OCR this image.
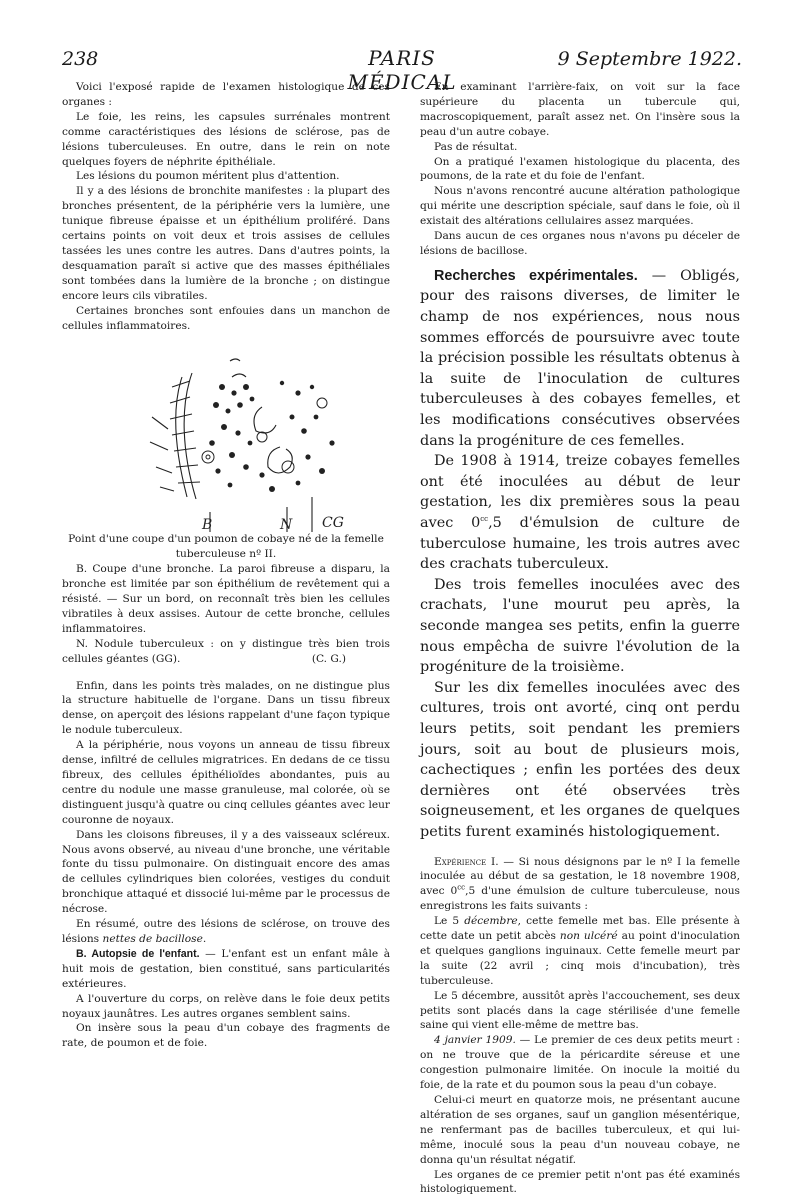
238	PARIS MÉDICAL
9 Septembre 1922.

Voici l'exposé rapide de l'examen histologique de ces organes :

Le foie, les reins, les capsules surrénales montrent comme caractéristiques des lésions de sclérose, pas de lésions tuberculeuses. En outre, dans le rein on note quelques foyers de néphrite épithéliale.

Les lésions du poumon méritent plus d'attention.

Il y a des lésions de bronchite manifestes : la plupart des bronches présentent, de la périphérie vers la lumière, une tunique fibreuse épaisse et un épithélium proliféré. Dans certains points on voit deux et trois assises de cellules tassées les unes contre les autres. Dans d'autres points, la desquamation paraît si active que des masses épithéliales sont tombées dans la lumière de la bronche ; on distingue encore leurs cils vibratiles.

Certaines bronches sont enfouies dans un manchon de cellules inflammatoires.

B	N CG

Point d'une coupe d'un poumon de cobaye né de la femelle tuberculeuse nº II.

B. Coupe d'une bronche. La paroi fibreuse a disparu, la bronche est limitée par son épithélium de revêtement qui a résisté. — Sur un bord, on reconnaît très bien les cellules vibratiles à deux assises. Autour de cette bronche, cellules inflammatoires.

N. Nodule tuberculeux : on y distingue très bien trois cellules géantes (GG).	(C. G.)

Enfin, dans les points très malades, on ne distingue plus la structure habituelle de l'organe. Dans un tissu fibreux dense, on aperçoit des lésions rappelant d'une façon typique le nodule tuberculeux.

A la périphérie, nous voyons un anneau de tissu fibreux dense, infiltré de cellules migratrices. En dedans de ce tissu fibreux, des cellules épithélioïdes abondantes, puis au centre du nodule une masse granuleuse, mal colorée, où se distinguent jusqu'à quatre ou cinq cellules géantes avec leur couronne de noyaux.

Dans les cloisons fibreuses, il y a des vaisseaux scléreux. Nous avons observé, au niveau d'une bronche, une véritable fonte du tissu pulmonaire. On distinguait encore des amas de cellules cylindriques bien colorées, vestiges du conduit bronchique attaqué et dissocié lui-même par le processus de nécrose.

En résumé, outre des lésions de sclérose, on trouve des lésions nettes de bacillose.

B. Autopsie de l'enfant. — L'enfant est un enfant mâle à huit mois de gestation, bien constitué, sans particularités extérieures.

A l'ouverture du corps, on relève dans le foie deux petits noyaux jaunâtres. Les autres organes semblent sains.

On insère sous la peau d'un cobaye des fragments de rate, de poumon et de foie.

En examinant l'arrière-faix, on voit sur la face supérieure du placenta un tubercule qui, macroscopiquement, paraît assez net. On l'insère sous la peau d'un autre cobaye.

Pas de résultat.

On a pratiqué l'examen histologique du placenta, des poumons, de la rate et du foie de l'enfant.

Nous n'avons rencontré aucune altération pathologique qui mérite une description spéciale, sauf dans le foie, où il existait des altérations cellulaires assez marquées.

Dans aucun de ces organes nous n'avons pu déceler de lésions de bacillose.

Recherches expérimentales. — Obligés, pour des raisons diverses, de limiter le champ de nos expériences, nous nous sommes efforcés de poursuivre avec toute la précision possible les résultats obtenus à la suite de l'inoculation de cultures tuberculeuses à des cobayes femelles, et les modifications consécutives observées dans la progéniture de ces femelles.

De 1908 à 1914, treize cobayes femelles ont été inoculées au début de leur gestation, les dix premières sous la peau avec $0^{cc},5$ d'émulsion de culture de tuberculose humaine, les trois autres avec des crachats tuberculeux.

Des trois femelles inoculées avec des crachats, l'une mourut peu après, la seconde mangea ses petits, enfin la guerre nous empêcha de suivre l'évolution de la progéniture de la troisième.

Sur les dix femelles inoculées avec des cultures, trois ont avorté, cinq ont perdu leurs petits, soit pendant les premiers jours, soit au bout de plusieurs mois, cachectiques ; enfin les portées des deux dernières ont été observées très soigneusement, et les organes de quelques petits furent examinés histologiquement.

Expérience I. — Si nous désignons par le nº I la femelle inoculée au début de sa gestation, le 18 novembre 1908, avec $0^{cc},5$ d'une émulsion de culture tuberculeuse, nous enregistrons les faits suivants :

Le 5 décembre, cette femelle met bas. Elle présente à cette date un petit abcès non ulcéré au point d'inoculation et quelques ganglions inguinaux. Cette femelle meurt par la suite (22 avril ; cinq mois d'incubation), très tuberculeuse.

Le 5 décembre, aussitôt après l'accouchement, ses deux petits sont placés dans la cage stérilisée d'une femelle saine qui vient elle-même de mettre bas.

4 janvier 1909. — Le premier de ces deux petits meurt : on ne trouve que de la péricardite séreuse et une congestion pulmonaire limitée. On inocule la moitié du foie, de la rate et du poumon sous la peau d'un cobaye.

Celui-ci meurt en quatorze mois, ne présentant aucune altération de ses organes, sauf un ganglion mésentérique, ne renfermant pas de bacilles tuberculeux, et qui lui-même, inoculé sous la peau d'un nouveau cobaye, ne donna qu'un résultat négatif.

Les organes de ce premier petit n'ont pas été examinés histologiquement.
